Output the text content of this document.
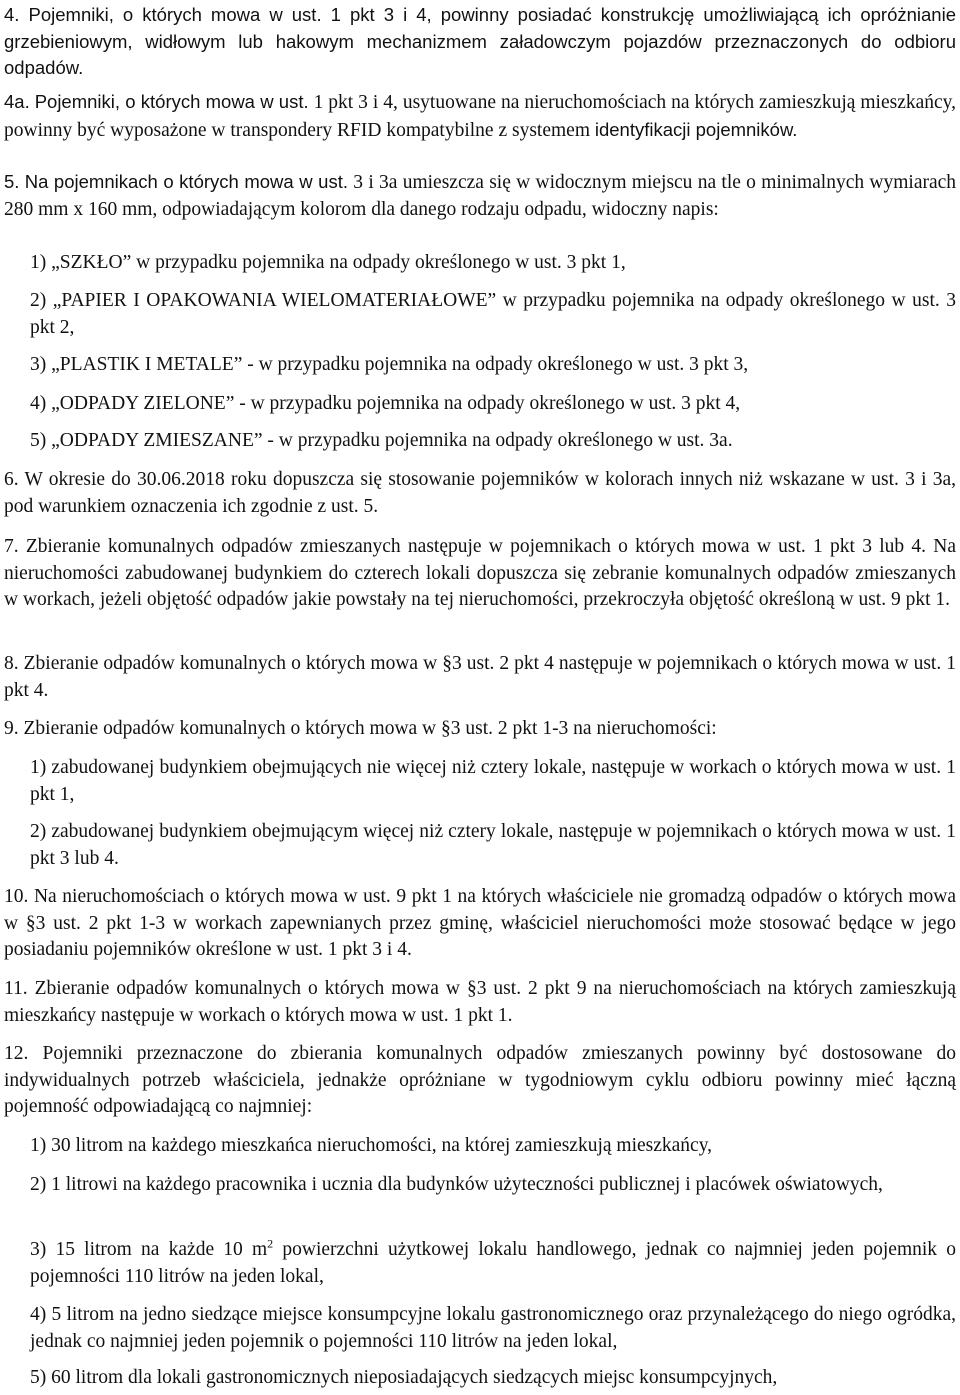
4. Pojemniki, o których mowa w ust. 1 pkt 3 i 4, powinny posiadać konstrukcję umożliwiającą ich opróżnianie grzebieniowym, widłowym lub hakowym mechanizmem załadowczym pojazdów przeznaczonych do odbioru odpadów.

4a. Pojemniki, o których mowa w ust. 1 pkt 3 i 4, usytuowane na nieruchomościach na których zamieszkują mieszkańcy, powinny być wyposażone w transpondery RFID kompatybilne z systemem identyfikacji pojemników.

5. Na pojemnikach o których mowa w ust. 3 i 3a umieszcza się w widocznym miejscu na tle o minimalnych wymiarach 280 mm x 160 mm, odpowiadającym kolorom dla danego rodzaju odpadu, widoczny napis:

1) „SZKŁO” w przypadku pojemnika na odpady określonego w ust. 3 pkt 1,

2) „PAPIER I OPAKOWANIA WIELOMATERIAŁOWE” w przypadku pojemnika na odpady określonego w ust. 3 pkt 2,

3) „PLASTIK I METALE” - w przypadku pojemnika na odpady określonego w ust. 3 pkt 3,

4) „ODPADY ZIELONE” - w przypadku pojemnika na odpady określonego w ust. 3 pkt 4,

5) „ODPADY ZMIESZANE” - w przypadku pojemnika na odpady określonego w ust. 3a.

6. W okresie do 30.06.2018 roku dopuszcza się stosowanie pojemników w kolorach innych niż wskazane w ust. 3 i 3a, pod warunkiem oznaczenia ich zgodnie z ust. 5.

7. Zbieranie komunalnych odpadów zmieszanych następuje w pojemnikach o których mowa w ust. 1 pkt 3 lub 4. Na nieruchomości zabudowanej budynkiem do czterech lokali dopuszcza się zebranie komunalnych odpadów zmieszanych w workach, jeżeli objętość odpadów jakie powstały na tej nieruchomości, przekroczyła objętość określoną w ust. 9 pkt 1.

8. Zbieranie odpadów komunalnych o których mowa w §3 ust. 2 pkt 4 następuje w pojemnikach o których mowa w ust. 1 pkt 4.

9. Zbieranie odpadów komunalnych o których mowa w §3 ust. 2 pkt 1-3 na nieruchomości:

1) zabudowanej budynkiem obejmujących nie więcej niż cztery lokale, następuje w workach o których mowa w ust. 1 pkt 1,

2) zabudowanej budynkiem obejmującym więcej niż cztery lokale, następuje w pojemnikach o których mowa w ust. 1 pkt 3 lub 4.

10. Na nieruchomościach o których mowa w ust. 9 pkt 1 na których właściciele nie gromadzą odpadów o których mowa w §3 ust. 2 pkt 1-3 w workach zapewnianych przez gminę, właściciel nieruchomości może stosować będące w jego posiadaniu pojemników określone w ust. 1 pkt 3 i 4.

11. Zbieranie odpadów komunalnych o których mowa w §3 ust. 2 pkt 9 na nieruchomościach na których zamieszkują mieszkańcy następuje w workach o których mowa w ust. 1 pkt 1.

12. Pojemniki przeznaczone do zbierania komunalnych odpadów zmieszanych powinny być dostosowane do indywidualnych potrzeb właściciela, jednakże opróżniane w tygodniowym cyklu odbioru powinny mieć łączną pojemność odpowiadającą co najmniej:

1) 30 litrom na każdego mieszkańca nieruchomości, na której zamieszkują mieszkańcy,

2) 1 litrowi na każdego pracownika i ucznia dla budynków użyteczności publicznej i placówek oświatowych,

3) 15 litrom na każde 10 $m^2$ powierzchni użytkowej lokalu handlowego, jednak co najmniej jeden pojemnik o pojemności 110 litrów na jeden lokal,

4) 5 litrom na jedno siedzące miejsce konsumpcyjne lokalu gastronomicznego oraz przynależącego do niego ogródka, jednak co najmniej jeden pojemnik o pojemności 110 litrów na jeden lokal,

5) 60 litrom dla lokali gastronomicznych nieposiadających siedzących miejsc konsumpcyjnych,
